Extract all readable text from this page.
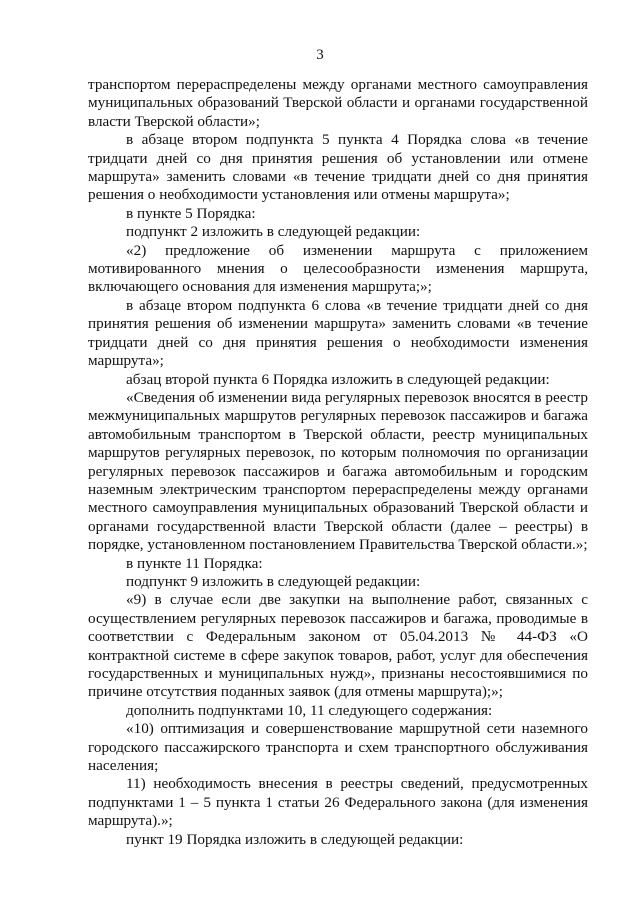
3

транспортом перераспределены между органами местного самоуправления муниципальных образований Тверской области и органами государственной власти Тверской области»;

в абзаце втором подпункта 5 пункта 4 Порядка слова «в течение тридцати дней со дня принятия решения об установлении или отмене маршрута» заменить словами «в течение тридцати дней со дня принятия решения о необходимости установления или отмены маршрута»;

в пункте 5 Порядка:

подпункт 2 изложить в следующей редакции:

«2) предложение об изменении маршрута с приложением мотивированного мнения о целесообразности изменения маршрута, включающего основания для изменения маршрута;»;

в абзаце втором подпункта 6 слова «в течение тридцати дней со дня принятия решения об изменении маршрута» заменить словами «в течение тридцати дней со дня принятия решения о необходимости изменения маршрута»;

абзац второй пункта 6 Порядка изложить в следующей редакции:

«Сведения об изменении вида регулярных перевозок вносятся в реестр межмуниципальных маршрутов регулярных перевозок пассажиров и багажа автомобильным транспортом в Тверской области, реестр муниципальных маршрутов регулярных перевозок, по которым полномочия по организации регулярных перевозок пассажиров и багажа автомобильным и городским наземным электрическим транспортом перераспределены между органами местного самоуправления муниципальных образований Тверской области и органами государственной власти Тверской области (далее – реестры) в порядке, установленном постановлением Правительства Тверской области.»;

в пункте 11 Порядка:

подпункт 9 изложить в следующей редакции:

«9) в случае если две закупки на выполнение работ, связанных с осуществлением регулярных перевозок пассажиров и багажа, проводимые в соответствии с Федеральным законом от 05.04.2013 № 44-ФЗ «О контрактной системе в сфере закупок товаров, работ, услуг для обеспечения государственных и муниципальных нужд», признаны несостоявшимися по причине отсутствия поданных заявок (для отмены маршрута);»;

дополнить подпунктами 10, 11 следующего содержания:

«10) оптимизация и совершенствование маршрутной сети наземного городского пассажирского транспорта и схем транспортного обслуживания населения;

11) необходимость внесения в реестры сведений, предусмотренных подпунктами 1 – 5 пункта 1 статьи 26 Федерального закона (для изменения маршрута).»;

пункт 19 Порядка изложить в следующей редакции:
